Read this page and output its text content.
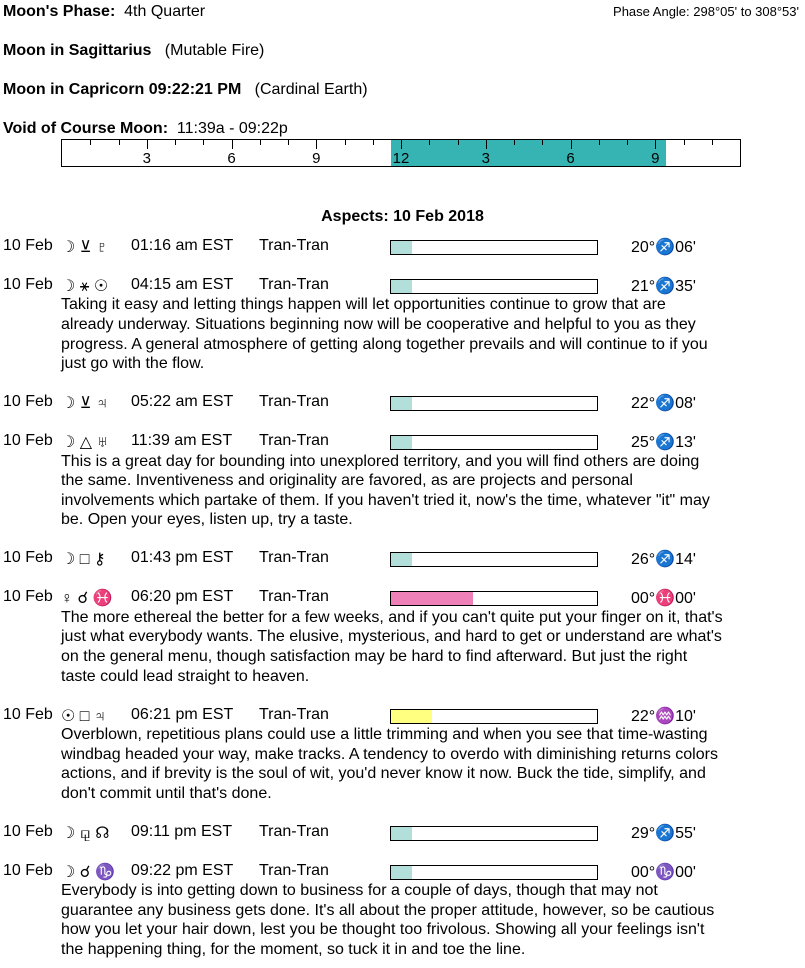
Moon's Phase: 4th Quarter	Phase Angle: 298°05' to 308°53'
Moon in Sagittarius (Mutable Fire)
Moon in Capricorn 09:22:21 PM (Cardinal Earth)
Void of Course Moon: 11:39a - 09:22p
3	6	9	12	3	6	9
Aspects: 10 Feb 2018
10 Feb ☽ ⊻ ♇ 01:16 am EST Tran-Tran	20°♐06'
10 Feb ☽ ⚹ ☉ 04:15 am EST Tran-Tran	21°♐35'
Taking it easy and letting things happen will let opportunities continue to grow that are
already underway. Situations beginning now will be cooperative and helpful to you as they
progress. A general atmosphere of getting along together prevails and will continue to if you
just go with the flow.
10 Feb ☽ ⊻ ♃ 05:22 am EST Tran-Tran	22°♐08'
10 Feb ☽ △ ♅ 11:39 am EST Tran-Tran	25°♐13'
This is a great day for bounding into unexplored territory, and you will find others are doing
the same. Inventiveness and originality are favored, as are projects and personal
involvements which partake of them. If you haven't tried it, now's the time, whatever "it" may
be. Open your eyes, listen up, try a taste.
10 Feb ☽ □ ⚷ 01:43 pm EST Tran-Tran	26°♐14'
10 Feb ♀ ☌ ♓ 06:20 pm EST Tran-Tran	00°♓00'
The more ethereal the better for a few weeks, and if you can't quite put your finger on it, that's
just what everybody wants. The elusive, mysterious, and hard to get or understand are what's
on the general menu, though satisfaction may be hard to find afterward. But just the right
taste could lead straight to heaven.
10 Feb ☉ □ ♃ 06:21 pm EST Tran-Tran	22°♒10'
Overblown, repetitious plans could use a little trimming and when you see that time-wasting
windbag headed your way, make tracks. A tendency to overdo with diminishing returns colors
actions, and if brevity is the soul of wit, you'd never know it now. Buck the tide, simplify, and
don't commit until that's done.
10 Feb ☽ ⚼ ☊ 09:11 pm EST Tran-Tran	29°♐55'
10 Feb ☽ ☌ ♑ 09:22 pm EST Tran-Tran	00°♑00'
Everybody is into getting down to business for a couple of days, though that may not
guarantee any business gets done. It's all about the proper attitude, however, so be cautious
how you let your hair down, lest you be thought too frivolous. Showing all your feelings isn't
the happening thing, for the moment, so tuck it in and toe the line.
